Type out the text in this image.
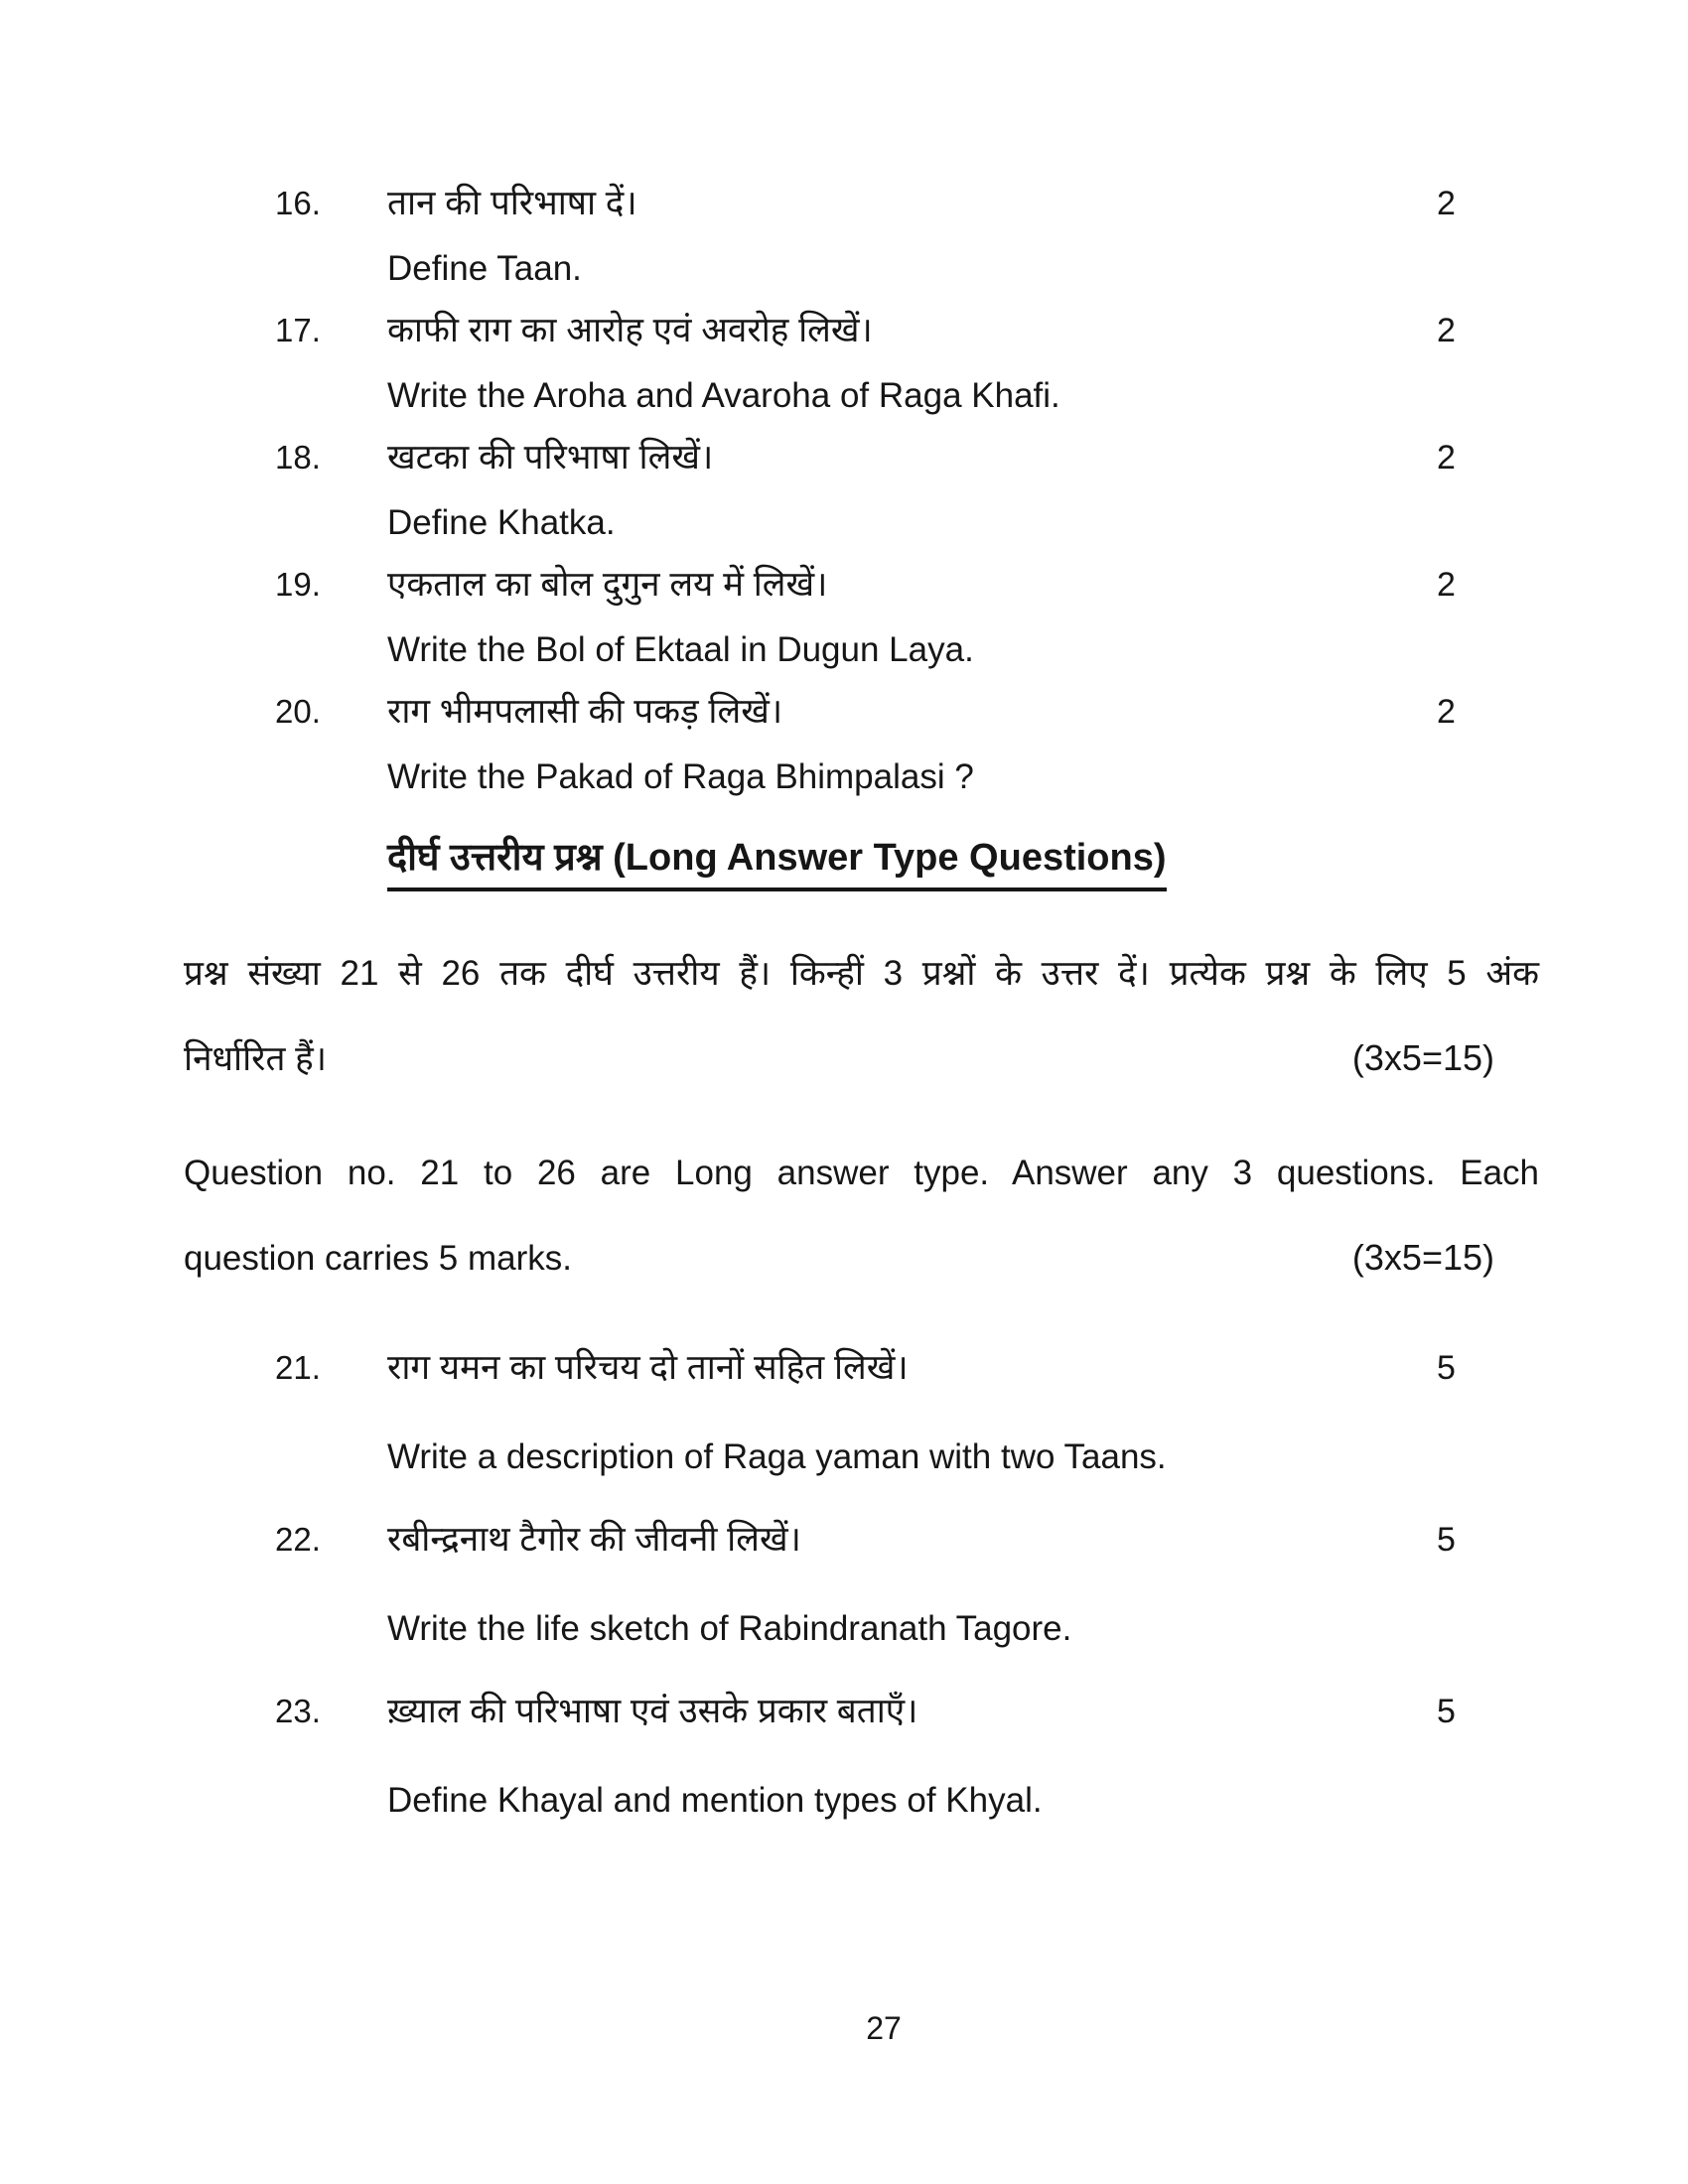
16. तान की परिभाषा दें।	2
Define Taan.
17. काफी राग का आरोह एवं अवरोह लिखें।	2
Write the Aroha and Avaroha of Raga Khafi.
18. खटका की परिभाषा लिखें।	2
Define Khatka.
19. एकताल का बोल दुगुन लय में लिखें।	2
Write the Bol of Ektaal in Dugun Laya.
20. राग भीमपलासी की पकड़ लिखें।	2
Write the Pakad of Raga Bhimpalasi ?
दीर्घ उत्तरीय प्रश्न (Long Answer Type Questions)
प्रश्न संख्या 21 से 26 तक दीर्घ उत्तरीय हैं। किन्हीं 3 प्रश्नों के उत्तर दें। प्रत्येक प्रश्न के लिए 5 अंक
निर्धारित हैं।	(3x5=15)
Question no. 21 to 26 are Long answer type. Answer any 3 questions. Each
question carries 5 marks.	(3x5=15)
21. राग यमन का परिचय दो तानों सहित लिखें।	5
Write a description of Raga yaman with two Taans.
22. रबीन्द्रनाथ टैगोर की जीवनी लिखें।	5
Write the life sketch of Rabindranath Tagore.
23. ख़्याल की परिभाषा एवं उसके प्रकार बताएँ।	5
Define Khayal and mention types of Khyal.
27
